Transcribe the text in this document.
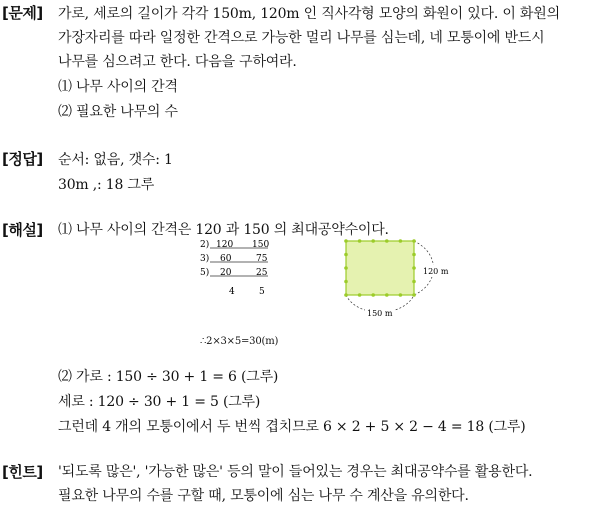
[문제] 가로, 세로의 길이가 각각 150m, 120m 인 직사각형 모양의 화원이 있다. 이 화원의
가장자리를 따라 일정한 간격으로 가능한 멀리 나무를 심는데, 네 모퉁이에 반드시
나무를 심으려고 한다. 다음을 구하여라.
⑴ 나무 사이의 간격
⑵ 필요한 나무의 수
[정답] 순서: 없음, 갯수: 1
30m ,: 18 그루
[해설] ⑴ 나무 사이의 간격은 120 과 150 의 최대공약수이다.
2) 120 150
3) 60	75
5) 20	25
4	5
∴2×3×5=30(m)
120 m
150 m
⑵ 가로 : 150 ÷ 30 + 1 = 6 (그루)
세로 : 120 ÷ 30 + 1 = 5 (그루)
그런데 4 개의 모퉁이에서 두 번씩 겹치므로 6 × 2 + 5 × 2 − 4 = 18 (그루)
[힌트] '되도록 많은', '가능한 많은' 등의 말이 들어있는 경우는 최대공약수를 활용한다.
필요한 나무의 수를 구할 때, 모퉁이에 심는 나무 수 계산을 유의한다.
